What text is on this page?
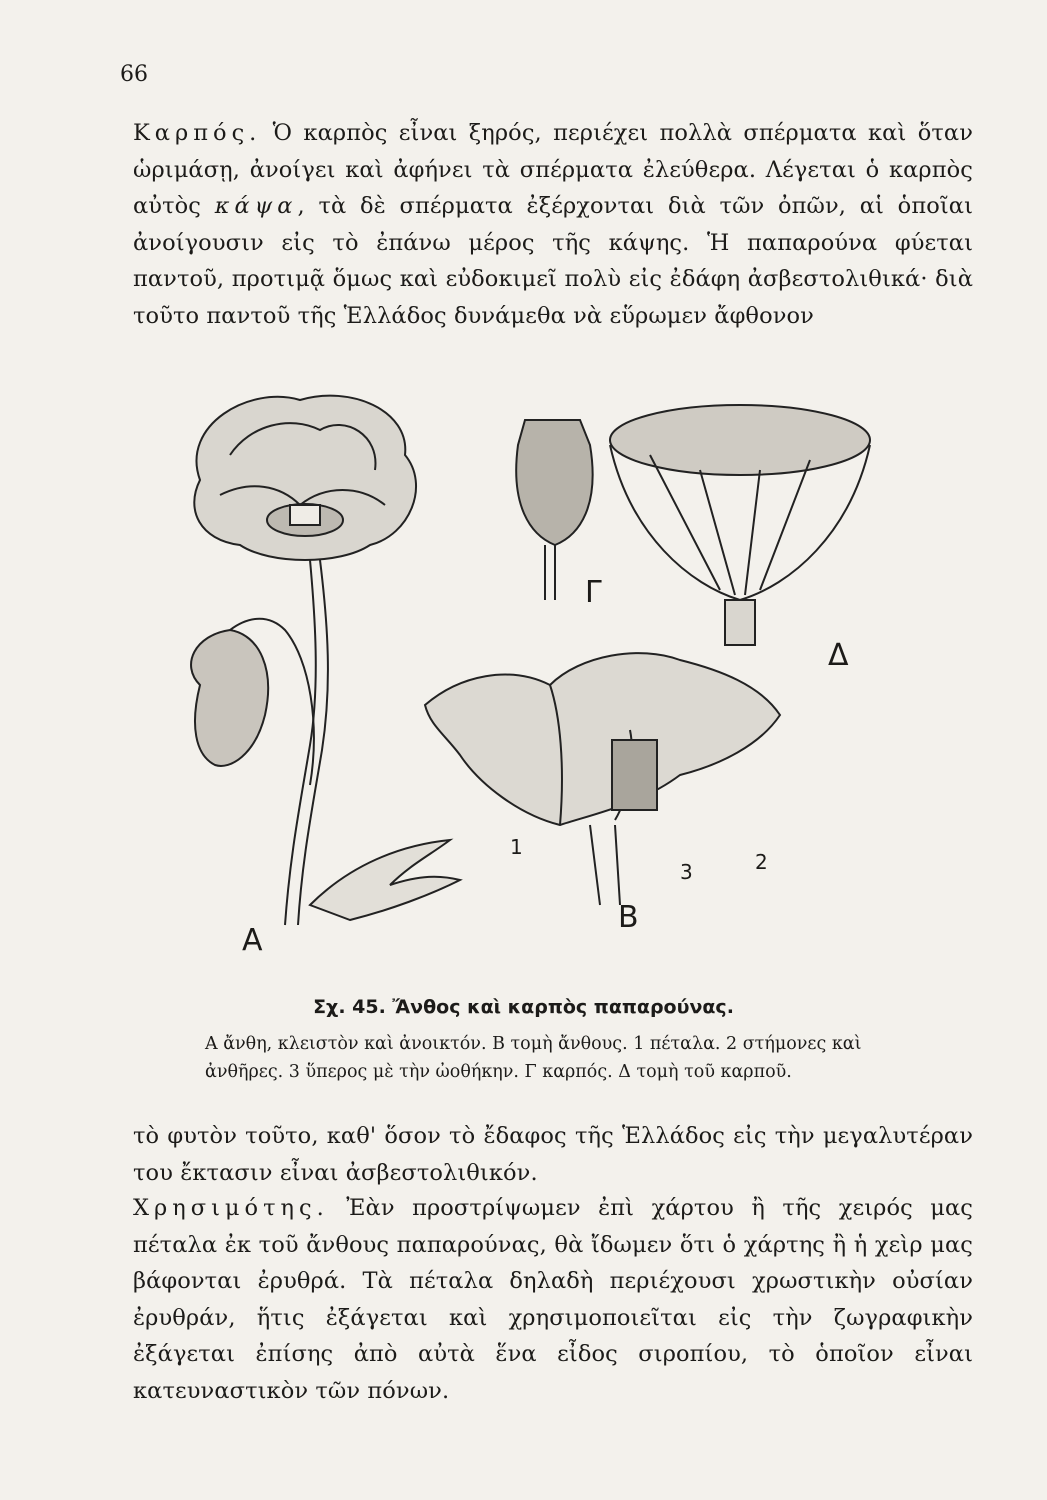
66
Καρπός. Ὁ καρπὸς εἶναι ξηρός, περιέχει πολλὰ σπέρματα καὶ ὅταν ὡριμάσῃ, ἀνοίγει καὶ ἀφήνει τὰ σπέρματα ἐλεύθερα. Λέγεται ὁ καρπὸς αὐτὸς κάψα, τὰ δὲ σπέρματα ἐξέρχονται διὰ τῶν ὀπῶν, αἱ ὁποῖαι ἀνοίγουσιν εἰς τὸ ἐπάνω μέρος τῆς κάψης. Ἡ παπαρούνα φύεται παντοῦ, προτιμᾷ ὅμως καὶ εὐδοκιμεῖ πολὺ εἰς ἐδάφη ἀσβεστολιθικά· διὰ τοῦτο παντοῦ τῆς Ἑλλάδος δυνάμεθα νὰ εὕρωμεν ἄφθονον
Α
Β
Γ
Δ
1
2
3
Σχ. 45. Ἄνθος καὶ καρπὸς παπαρούνας.
Α ἄνθη, κλειστὸν καὶ ἀνοικτόν. Β τομὴ ἄνθους. 1 πέταλα. 2 στήμονες καὶ ἀνθῆρες. 3 ὕπερος μὲ τὴν ὠοθήκην. Γ καρπός. Δ τομὴ τοῦ καρποῦ.
τὸ φυτὸν τοῦτο, καθ' ὅσον τὸ ἔδαφος τῆς Ἑλλάδος εἰς τὴν μεγαλυτέραν του ἔκτασιν εἶναι ἀσβεστολιθικόν.
Χρησιμότης. Ἐὰν προστρίψωμεν ἐπὶ χάρτου ἢ τῆς χειρός μας πέταλα ἐκ τοῦ ἄνθους παπαρούνας, θὰ ἴδωμεν ὅτι ὁ χάρτης ἢ ἡ χεὶρ μας βάφονται ἐρυθρά. Τὰ πέταλα δηλαδὴ περιέχουσι χρωστικὴν οὐσίαν ἐρυθράν, ἥτις ἐξάγεται καὶ χρησιμοποιεῖται εἰς τὴν ζωγραφικὴν ἐξάγεται ἐπίσης ἀπὸ αὐτὰ ἕνα εἶδος σιροπίου, τὸ ὁποῖον εἶναι κατευναστικὸν τῶν πόνων.
